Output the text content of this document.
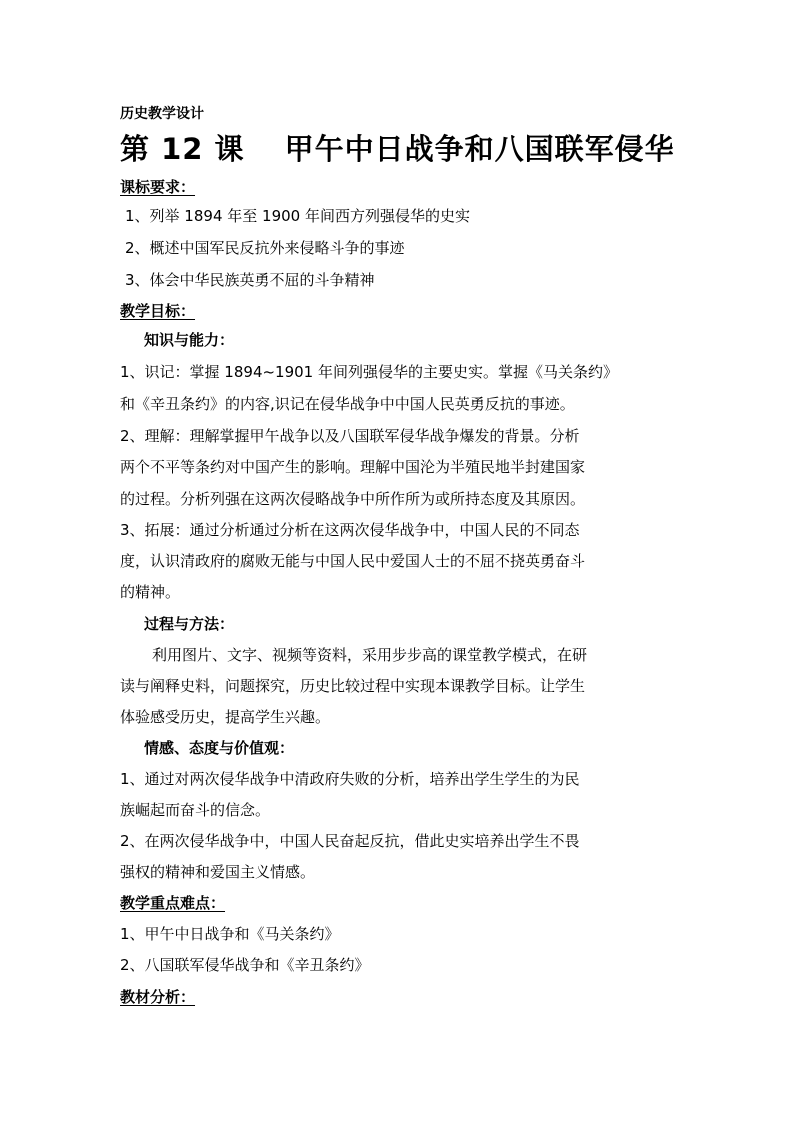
历史教学设计
第 12 课 甲午中日战争和八国联军侵华
课标要求：
1、列举 1894 年至 1900 年间西方列强侵华的史实
2、概述中国军民反抗外来侵略斗争的事迹
3、体会中华民族英勇不屈的斗争精神
教学目标：
知识与能力：
1、识记：掌握 1894~1901 年间列强侵华的主要史实。掌握《马关条约》
和《辛丑条约》的内容,识记在侵华战争中中国人民英勇反抗的事迹。
2、理解：理解掌握甲午战争以及八国联军侵华战争爆发的背景。分析
两个不平等条约对中国产生的影响。理解中国沦为半殖民地半封建国家
的过程。分析列强在这两次侵略战争中所作所为或所持态度及其原因。
3、拓展：通过分析通过分析在这两次侵华战争中，中国人民的不同态
度，认识清政府的腐败无能与中国人民中爱国人士的不屈不挠英勇奋斗
的精神。
过程与方法：
利用图片、文字、视频等资料，采用步步高的课堂教学模式，在研
读与阐释史料，问题探究，历史比较过程中实现本课教学目标。让学生
体验感受历史，提高学生兴趣。
情感、态度与价值观：
1、通过对两次侵华战争中清政府失败的分析，培养出学生学生的为民
族崛起而奋斗的信念。
2、在两次侵华战争中，中国人民奋起反抗，借此史实培养出学生不畏
强权的精神和爱国主义情感。
教学重点难点：
1、甲午中日战争和《马关条约》
2、八国联军侵华战争和《辛丑条约》
教材分析：
